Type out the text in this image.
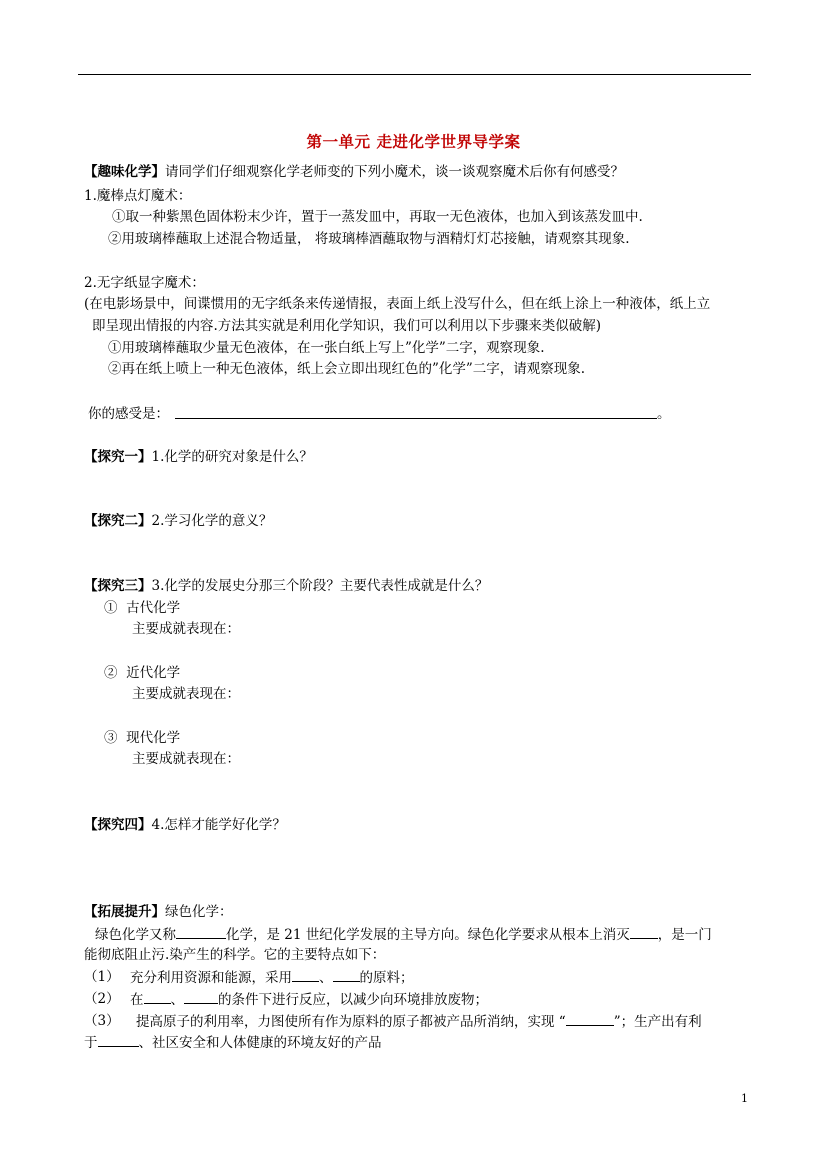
第一单元 走进化学世界导学案
【趣味化学】请同学们仔细观察化学老师变的下列小魔术，谈一谈观察魔术后你有何感受？
1.魔棒点灯魔术：
①取一种紫黑色固体粉末少许，置于一蒸发皿中，再取一无色液体，也加入到该蒸发皿中.
②用玻璃棒蘸取上述混合物适量， 将玻璃棒酒蘸取物与酒精灯灯芯接触，请观察其现象.
2.无字纸显字魔术：
(在电影场景中，间谍惯用的无字纸条来传递情报，表面上纸上没写什么，但在纸上涂上一种液体，纸上立
即呈现出情报的内容.方法其实就是利用化学知识，我们可以利用以下步骤来类似破解)
①用玻璃棒蘸取少量无色液体，在一张白纸上写上”化学”二字，观察现象.
②再在纸上喷上一种无色液体，纸上会立即出现红色的”化学”二字，请观察现象.
你的感受是：	。
【探究一】1.化学的研究对象是什么？
【探究二】2.学习化学的意义？
【探究三】3.化学的发展史分那三个阶段？主要代表性成就是什么？
① 古代化学
主要成就表现在：
② 近代化学
主要成就表现在：
③ 现代化学
主要成就表现在：
【探究四】4.怎样才能学好化学？
【拓展提升】绿色化学：
绿色化学又称	化学，是 21 世纪化学发展的主导方向。绿色化学要求从根本上消灭 ，是一门
能彻底阻止污.染产生的科学。它的主要特点如下：
（1） 充分利用资源和能源，采用 、 的原料；
（2） 在 、	的条件下进行反应，以减少向环境排放废物；
（3） 提高原子的利用率，力图使所有作为原料的原子都被产品所消纳，实现 “	”；生产出有利
于	、社区安全和人体健康的环境友好的产品
1
